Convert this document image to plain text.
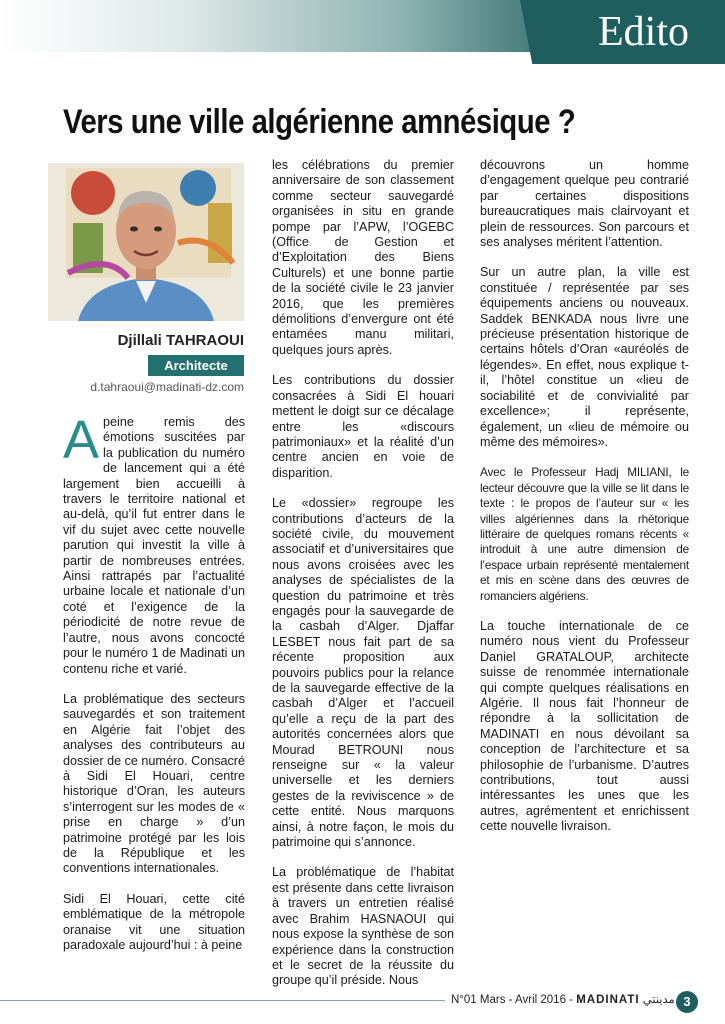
Edito
Vers une ville algérienne amnésique ?
Djillali TAHRAOUI
Architecte
d.tahraoui@madinati-dz.com

Apeine remis des émotions suscitées par la publication du numéro de lancement qui a été largement bien accueilli à travers le territoire national et au-delà, qu’il fut entrer dans le vif du sujet avec cette nouvelle parution qui investit la ville à partir de nombreuses entrées. Ainsi rattrapés par l’actualité urbaine locale et nationale d’un coté et l’exigence de la périodicité de notre revue de l’autre, nous avons concocté pour le numéro 1 de Madinati un contenu riche et varié.

La problématique des secteurs sauvegardés et son traitement en Algérie fait l’objet des analyses des contributeurs au dossier de ce numéro. Consacré à Sidi El Houari, centre historique d’Oran, les auteurs s’interrogent sur les modes de « prise en charge » d’un patrimoine protégé par les lois de la République et les conventions internationales.

Sidi El Houari, cette cité emblématique de la métropole oranaise vit une situation paradoxale aujourd’hui : à peine

les célébrations du premier anniversaire de son classement comme secteur sauvegardé organisées in situ en grande pompe par l’APW, l’OGEBC (Office de Gestion et d’Exploitation des Biens Culturels) et une bonne partie de la société civile le 23 janvier 2016, que les premières démolitions d’envergure ont été entamées manu militari, quelques jours après.

Les contributions du dossier consacrées à Sidi El houari mettent le doigt sur ce décalage entre les «discours patrimoniaux» et la réalité d’un centre ancien en voie de disparition.

Le «dossier» regroupe les contributions d’acteurs de la société civile, du mouvement associatif et d’universitaires que nous avons croisées avec les analyses de spécialistes de la question du patrimoine et très engagés pour la sauvegarde de la casbah d’Alger. Djaffar LESBET nous fait part de sa récente proposition aux pouvoirs publics pour la relance de la sauvegarde effective de la casbah d’Alger et l’accueil qu’elle a reçu de la part des autorités concernées alors que Mourad BETROUNI nous renseigne sur « la valeur universelle et les derniers gestes de la reviviscence » de cette entité. Nous marquons ainsi, à notre façon, le mois du patrimoine qui s’annonce.

La problématique de l’habitat est présente dans cette livraison à travers un entretien réalisé avec Brahim HASNAOUI qui nous expose la synthèse de son expérience dans la construction et le secret de la réussite du groupe qu’il préside. Nous

découvrons un homme d’engagement quelque peu contrarié par certaines dispositions bureaucratiques mais clairvoyant et plein de ressources. Son parcours et ses analyses méritent l’attention.

Sur un autre plan, la ville est constituée / représentée par ses équipements anciens ou nouveaux. Saddek BENKADA nous livre une précieuse présentation historique de certains hôtels d’Oran «auréolés de légendes». En effet, nous explique t-il, l’hôtel constitue un «lieu de sociabilité et de convivialité par excellence»; il représente, également, un «lieu de mémoire ou même des mémoires».

Avec le Professeur Hadj MILIANI, le lecteur découvre que la ville se lit dans le texte : le propos de l’auteur sur « les villes algériennes dans la rhétorique littéraire de quelques romans récents « introduit à une autre dimension de l’espace urbain représenté mentalement et mis en scène dans des œuvres de romanciers algériens.

La touche internationale de ce numéro nous vient du Professeur Daniel GRATALOUP, architecte suisse de renommée internationale qui compte quelques réalisations en Algérie. Il nous fait l’honneur de répondre à la sollicitation de MADINATI en nous dévoilant sa conception de l’architecture et sa philosophie de l’urbanisme. D’autres contributions, tout aussi intéressantes les unes que les autres, agrémentent et enrichissent cette nouvelle livraison.

N°01 Mars - Avril 2016 - MADINATI مدينتي 3
